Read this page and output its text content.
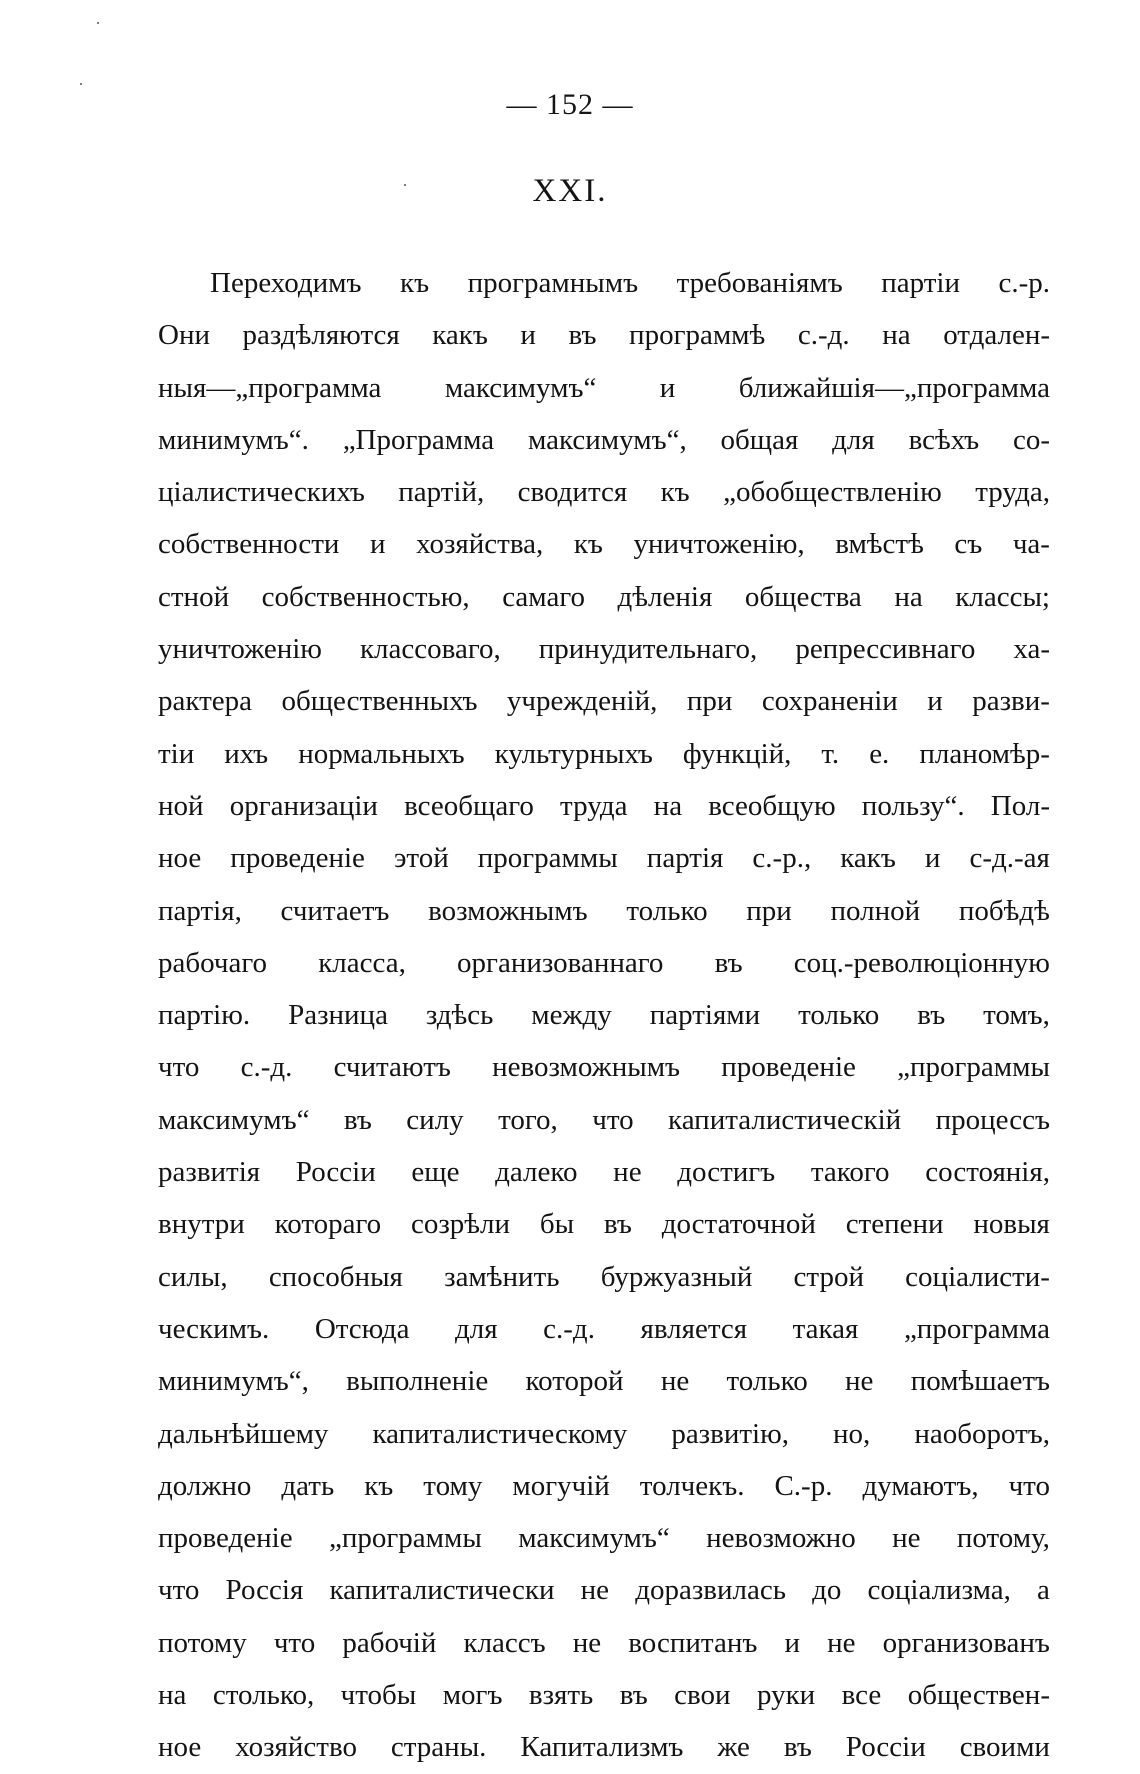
— 152 —
XXI.
Переходимъ къ програмнымъ требованіямъ партіи с.-р.
Они раздѣляются какъ и въ программѣ с.-д. на отдален-
ныя—„программа максимумъ“ и ближайшія—„программа
минимумъ“. „Программа максимумъ“, общая для всѣхъ со-
ціалистическихъ партій, сводится къ „обобществленію труда,
собственности и хозяйства, къ уничтоженію, вмѣстѣ съ ча-
стной собственностью, самаго дѣленія общества на классы;
уничтоженію классоваго, принудительнаго, репрессивнаго ха-
рактера общественныхъ учрежденій, при сохраненіи и разви-
тіи ихъ нормальныхъ культурныхъ функцій, т. е. планомѣр-
ной организаціи всеобщаго труда на всеобщую пользу“. Пол-
ное проведеніе этой программы партія с.-р., какъ и с-д.-ая
партія, считаетъ возможнымъ только при полной побѣдѣ
рабочаго класса, организованнаго въ соц.-революціонную
партію. Разница здѣсь между партіями только въ томъ,
что с.-д. считаютъ невозможнымъ проведеніе „программы
максимумъ“ въ силу того, что капиталистическій процессъ
развитія Россіи еще далеко не достигъ такого состоянія,
внутри котораго созрѣли бы въ достаточной степени новыя
силы, способныя замѣнить буржуазный строй соціалисти-
ческимъ. Отсюда для с.-д. является такая „программа
минимумъ“, выполненіе которой не только не помѣшаетъ
дальнѣйшему капиталистическому развитію, но, наоборотъ,
должно дать къ тому могучій толчекъ. С.-р. думаютъ, что
проведеніе „программы максимумъ“ невозможно не потому,
что Россія капиталистически не доразвилась до соціализма, а
потому что рабочій классъ не воспитанъ и не организованъ
на столько, чтобы могъ взять въ свои руки все обществен-
ное хозяйство страны. Капитализмъ же въ Россіи своими
